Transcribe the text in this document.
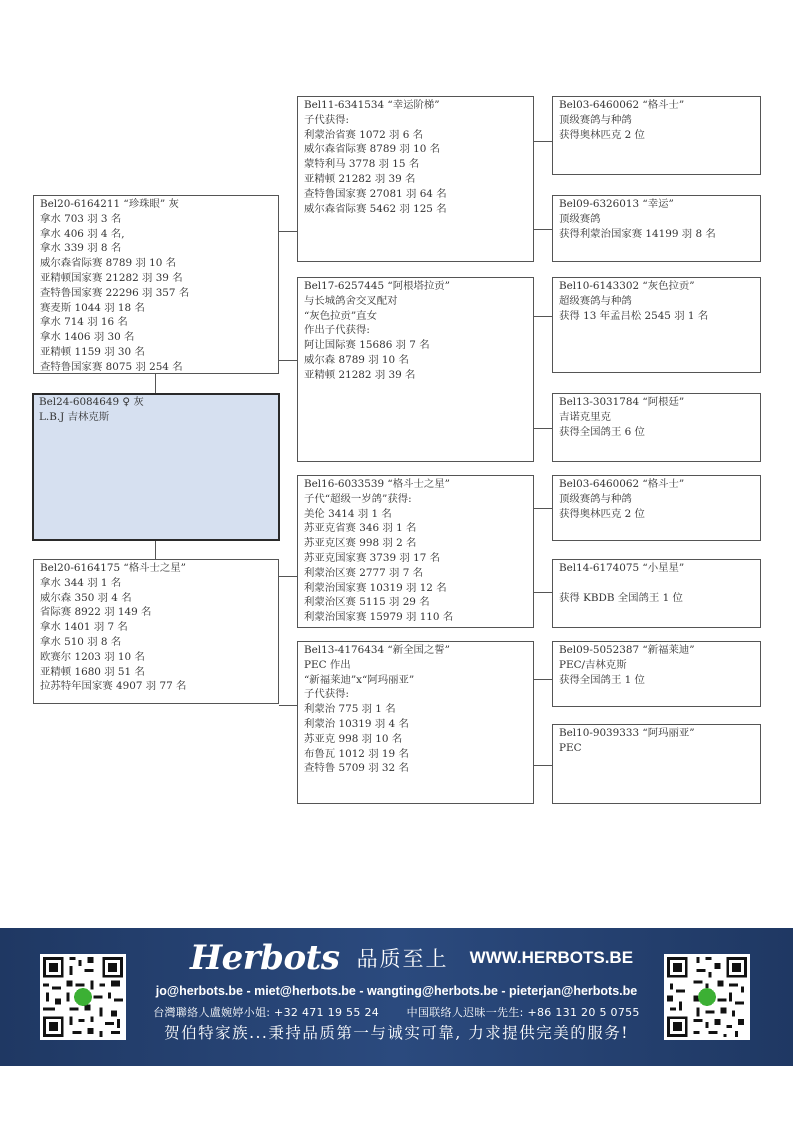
Bel11-6341534 “幸运阶梯”
子代获得:
利蒙治省赛 1072 羽 6 名
威尔森省际赛 8789 羽 10 名
蒙特利马 3778 羽 15 名
亚精顿 21282 羽 39 名
查特鲁国家赛 27081 羽 64 名
威尔森省际赛 5462 羽 125 名
Bel17-6257445 “阿根塔拉贡”
与长城鸽舍交叉配对
“灰色拉贡”直女
作出子代获得:
阿让国际赛 15686 羽 7 名
威尔森 8789 羽 10 名
亚精顿 21282 羽 39 名
Bel16-6033539 “格斗士之星”
子代“超级一岁鸽”获得:
美伦 3414 羽 1 名
苏亚克省赛 346 羽 1 名
苏亚克区赛 998 羽 2 名
苏亚克国家赛 3739 羽 17 名
利蒙治区赛 2777 羽 7 名
利蒙治国家赛 10319 羽 12 名
利蒙治区赛 5115 羽 29 名
利蒙治国家赛 15979 羽 110 名
Bel13-4176434 “新全国之誓”
PEC 作出
“新福莱迪”x“阿玛丽亚”
子代获得:
利蒙治 775 羽 1 名
利蒙治 10319 羽 4 名
苏亚克 998 羽 10 名
布鲁瓦 1012 羽 19 名
查特鲁 5709 羽 32 名
Bel20-6164211 “珍珠眼” 灰
拿水 703 羽 3 名
拿水 406 羽 4 名,
拿水 339 羽 8 名
威尔森省际赛 8789 羽 10 名
亚精顿国家赛 21282 羽 39 名
查特鲁国家赛 22296 羽 357 名
赛麦斯 1044 羽 18 名
拿水 714 羽 16 名
拿水 1406 羽 30 名
亚精顿 1159 羽 30 名
查特鲁国家赛 8075 羽 254 名
Bel24-6084649 ♀ 灰
L.B.J 吉林克斯
Bel20-6164175 “格斗士之星”
拿水 344 羽 1 名
威尔森 350 羽 4 名
省际赛 8922 羽 149 名
拿水 1401 羽 7 名
拿水 510 羽 8 名
欧赛尔 1203 羽 10 名
亚精顿 1680 羽 51 名
拉苏特年国家赛 4907 羽 77 名
Bel03-6460062 “格斗士”
顶级赛鸽与种鸽
获得奥林匹克 2 位
Bel09-6326013 “幸运”
顶级赛鸽
获得利蒙治国家赛 14199 羽 8 名
Bel10-6143302 “灰色拉贡”
超级赛鸽与种鸽
获得 13 年孟吕松 2545 羽 1 名
Bel13-3031784 “阿根廷”
吉诺克里克
获得全国鸽王 6 位
Bel03-6460062 “格斗士”
顶级赛鸽与种鸽
获得奥林匹克 2 位
Bel14-6174075 “小星星”

获得 KBDB 全国鸽王 1 位
Bel09-5052387 “新福莱迪”
PEC/吉林克斯
获得全国鸽王 1 位
Bel10-9039333 “阿玛丽亚”
PEC
Herbots 品质至上 WWW.HERBOTS.BE
jo@herbots.be - miet@herbots.be - wangting@herbots.be - pieterjan@herbots.be
台灣聯絡人盧婉婷小姐: +32 471 19 55 24	中国联络人迟昧一先生: +86 131 20 5 0755
贺伯特家族...秉持品质第一与诚实可靠, 力求提供完美的服务!
